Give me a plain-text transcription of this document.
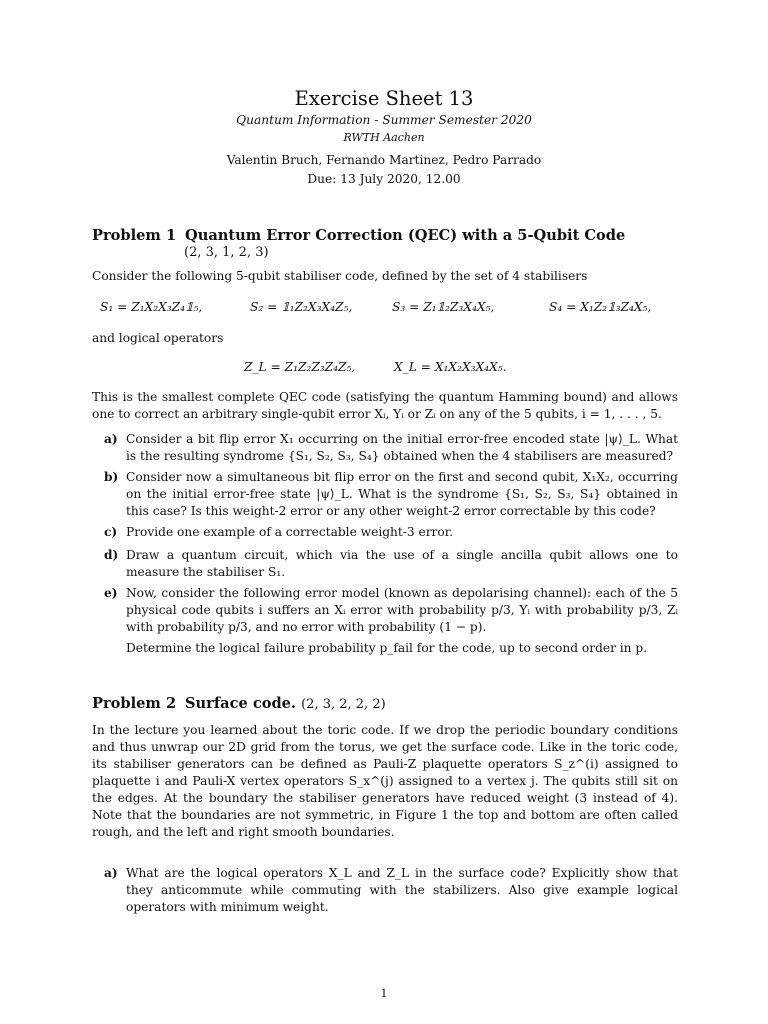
Exercise Sheet 13
Quantum Information - Summer Semester 2020
RWTH Aachen
Valentin Bruch, Fernando Martinez, Pedro Parrado
Due: 13 July 2020, 12.00
Problem 1 Quantum Error Correction (QEC) with a 5-Qubit Code
(2, 3, 1, 2, 3)
Consider the following 5-qubit stabiliser code, defined by the set of 4 stabilisers
S₁ = Z₁X₂X₃Z₄𝟙₅,	S₂ = 𝟙₁Z₂X₃X₄Z₅,	S₃ = Z₁𝟙₂Z₃X₄X₅,	S₄ = X₁Z₂𝟙₃Z₄X₅,
and logical operators
Z_L = Z₁Z₂Z₃Z₄Z₅,	X_L = X₁X₂X₃X₄X₅.
This is the smallest complete QEC code (satisfying the quantum Hamming bound) and allows one to correct an arbitrary single-qubit error Xᵢ, Yᵢ or Zᵢ on any of the 5 qubits, i = 1, . . . , 5.
a) Consider a bit flip error X₁ occurring on the initial error-free encoded state |ψ⟩_L. What is the resulting syndrome {S₁, S₂, S₃, S₄} obtained when the 4 stabilisers are measured?
b) Consider now a simultaneous bit flip error on the first and second qubit, X₁X₂, occurring on the initial error-free state |ψ⟩_L. What is the syndrome {S₁, S₂, S₃, S₄} obtained in this case? Is this weight-2 error or any other weight-2 error correctable by this code?
c) Provide one example of a correctable weight-3 error.
d) Draw a quantum circuit, which via the use of a single ancilla qubit allows one to measure the stabiliser S₁.
e) Now, consider the following error model (known as depolarising channel): each of the 5 physical code qubits i suffers an Xᵢ error with probability p/3, Yᵢ with probability p/3, Zᵢ with probability p/3, and no error with probability (1 − p).
Determine the logical failure probability p_fail for the code, up to second order in p.
Problem 2 Surface code. (2, 3, 2, 2, 2)
In the lecture you learned about the toric code. If we drop the periodic boundary conditions and thus unwrap our 2D grid from the torus, we get the surface code. Like in the toric code, its stabiliser generators can be defined as Pauli-Z plaquette operators S_z^(i) assigned to plaquette i and Pauli-X vertex operators S_x^(j) assigned to a vertex j. The qubits still sit on the edges. At the boundary the stabiliser generators have reduced weight (3 instead of 4). Note that the boundaries are not symmetric, in Figure 1 the top and bottom are often called rough, and the left and right smooth boundaries.
a) What are the logical operators X_L and Z_L in the surface code? Explicitly show that they anticommute while commuting with the stabilizers. Also give example logical operators with minimum weight.
1
